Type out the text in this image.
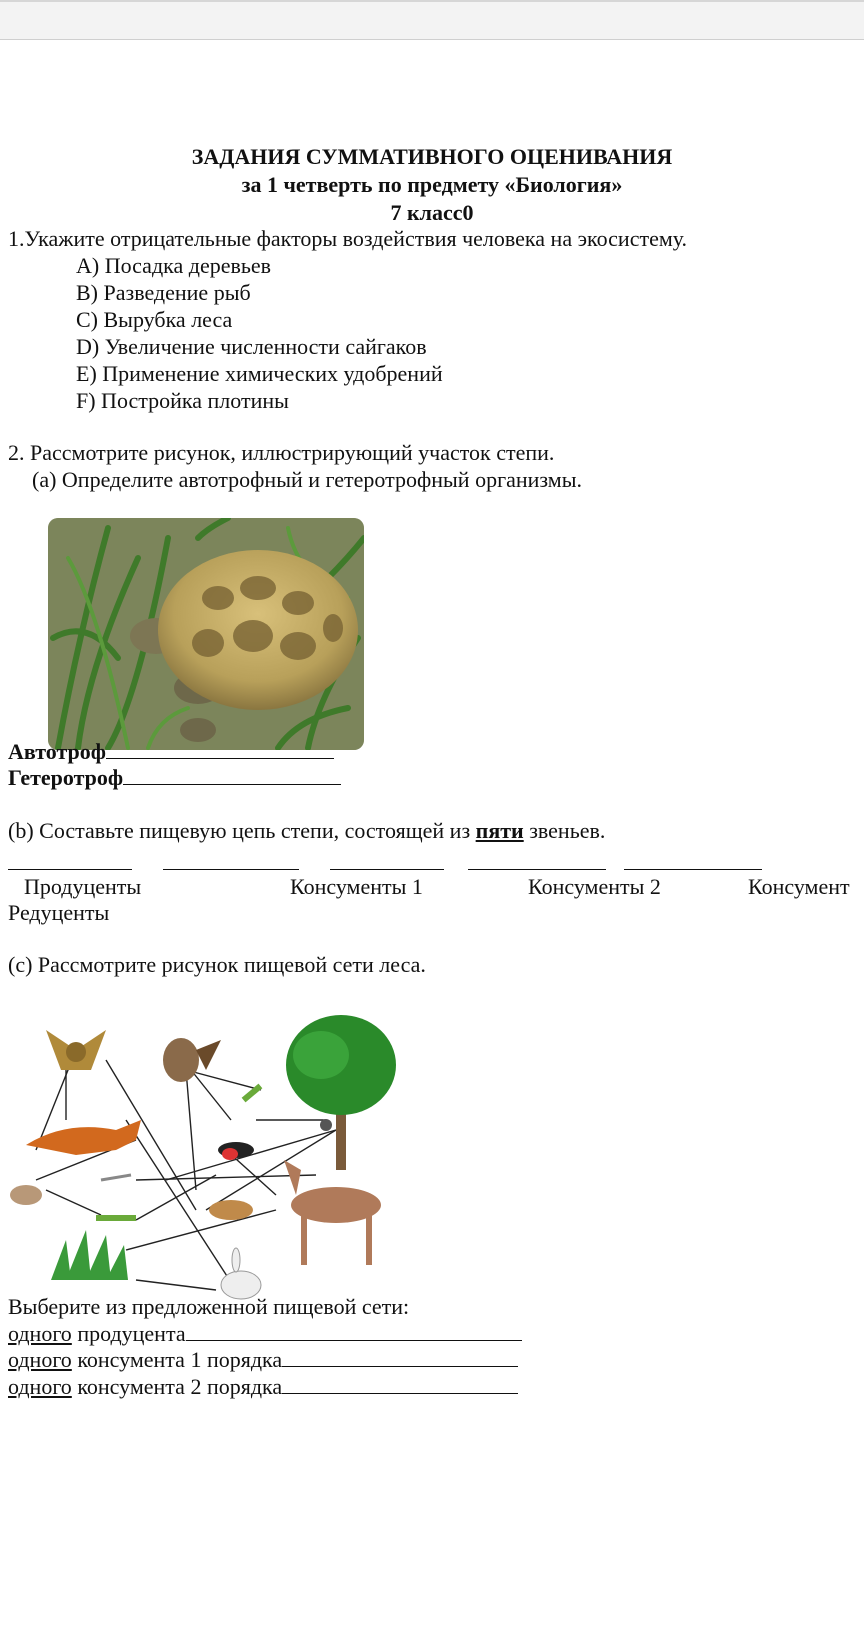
ЗАДАНИЯ СУММАТИВНОГО ОЦЕНИВАНИЯ
за 1 четверть по предмету «Биология»
7 класс0
1.Укажите отрицательные факторы воздействия человека на экосистему.
A) Посадка деревьев
B) Разведение рыб
C) Вырубка леса
D) Увеличение численности сайгаков
E) Применение химических удобрений
F) Постройка плотины
2. Рассмотрите рисунок, иллюстрирующий участок степи.
(a) Определите автотрофный и гетеротрофный организмы.
Автотроф
Гетеротроф
(b) Составьте пищевую цепь степи, состоящей из пяти звеньев.
Продуценты	Консументы 1	Консументы 2	Консумент
Редуценты
(c) Рассмотрите рисунок пищевой сети леса.
Выберите из предложенной пищевой сети:
одного продуцента
одного консумента 1 порядка
одного консумента 2 порядка
